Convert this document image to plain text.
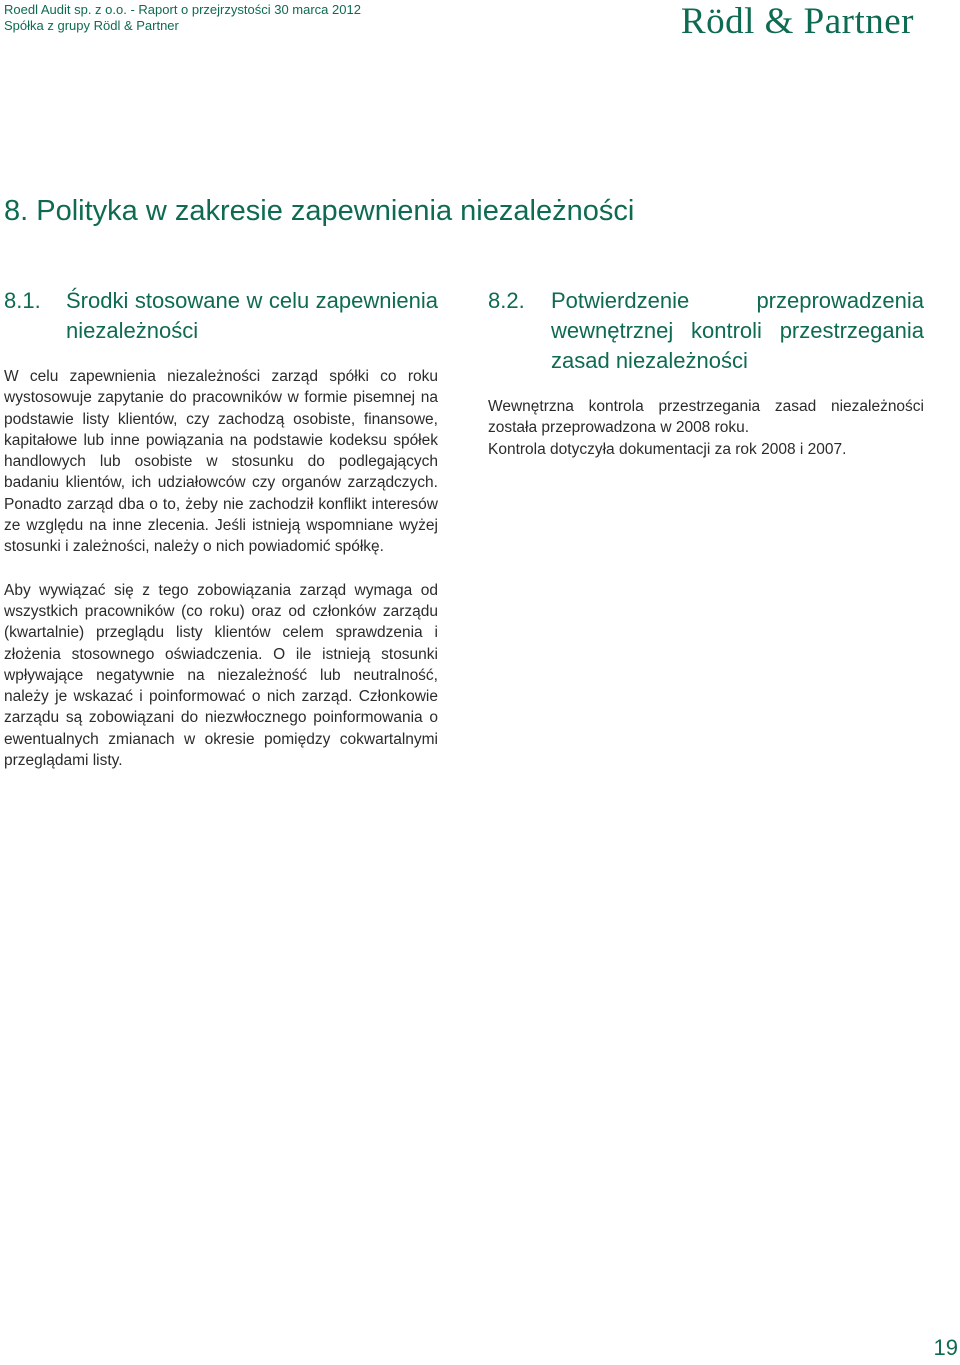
Roedl Audit sp. z o.o. - Raport o przejrzystości 30 marca 2012
Spółka z grupy Rödl & Partner	Rödl & Partner
8. Polityka w zakresie zapewnienia niezależności
8.1.	Środki stosowane w celu zapewnienia niezależności

W celu zapewnienia niezależności zarząd spółki co roku wystosowuje zapytanie do pracowników w formie pisemnej na podstawie listy klientów, czy zachodzą osobiste, finansowe, kapitałowe lub inne powiązania na podstawie kodeksu spółek handlowych lub osobiste w stosunku do podlegających badaniu klientów, ich udziałowców czy organów zarządczych. Ponadto zarząd dba o to, żeby nie zachodził konflikt interesów ze względu na inne zlecenia. Jeśli istnieją wspomniane wyżej stosunki i zależności, należy o nich powiadomić spółkę.

Aby wywiązać się z tego zobowiązania zarząd wymaga od wszystkich pracowników (co roku) oraz od członków zarządu (kwartalnie) przeglądu listy klientów celem sprawdzenia i złożenia stosownego oświadczenia. O ile istnieją stosunki wpływające negatywnie na niezależność lub neutralność, należy je wskazać i poinformować o nich zarząd. Członkowie zarządu są zobowiązani do niezwłocznego poinformowania o ewentualnych zmianach w okresie pomiędzy cokwartalnymi przeglądami listy.

8.2.	Potwierdzenie przeprowadzenia wewnętrznej kontroli przestrzegania zasad niezależności

Wewnętrzna kontrola przestrzegania zasad niezależności została przeprowadzona w 2008 roku.

Kontrola dotyczyła dokumentacji za rok 2008 i 2007.

19
